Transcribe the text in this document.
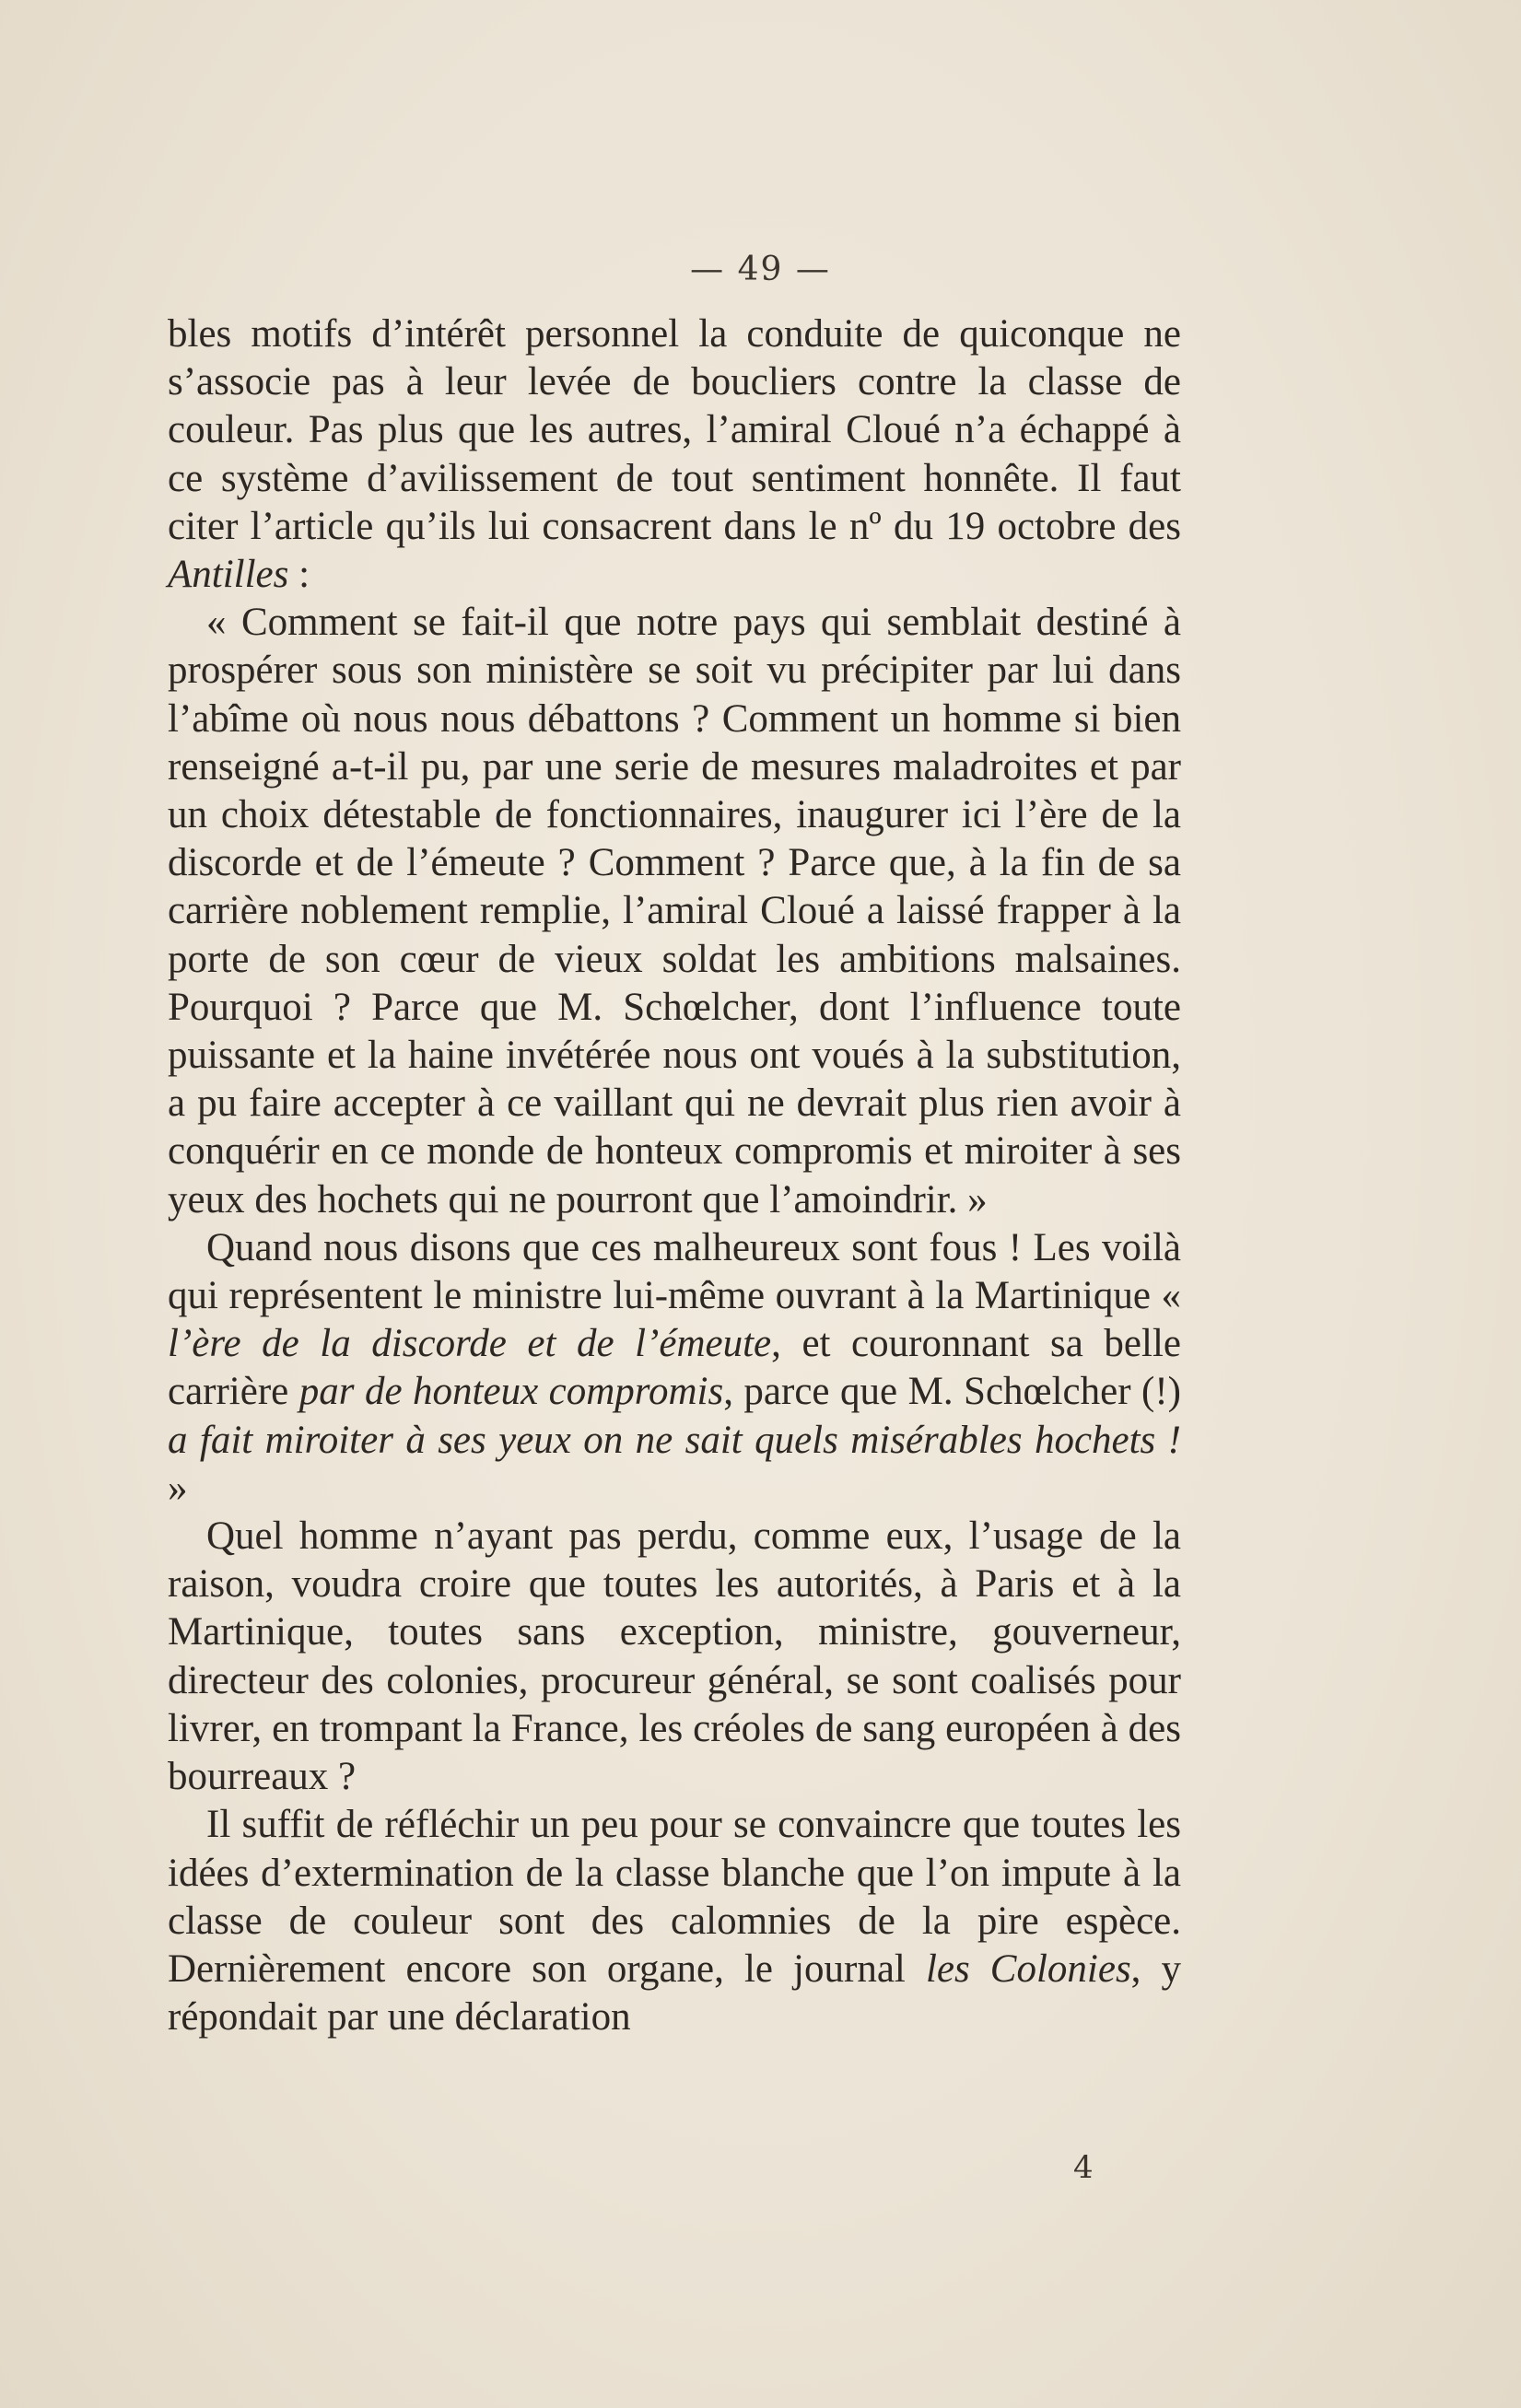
— 49 —

bles motifs d’intérêt personnel la conduite de quiconque ne s’associe pas à leur levée de boucliers contre la classe de couleur. Pas plus que les autres, l’amiral Cloué n’a échappé à ce système d’avilissement de tout sentiment honnête. Il faut citer l’article qu’ils lui consacrent dans le nº du 19 octobre des Antilles :

« Comment se fait-il que notre pays qui semblait destiné à prospérer sous son ministère se soit vu précipiter par lui dans l’abîme où nous nous débattons ? Comment un homme si bien renseigné a-t-il pu, par une serie de mesures maladroites et par un choix détestable de fonctionnaires, inaugurer ici l’ère de la discorde et de l’émeute ? Comment ? Parce que, à la fin de sa carrière noblement remplie, l’amiral Cloué a laissé frapper à la porte de son cœur de vieux soldat les ambitions malsaines. Pourquoi ? Parce que M. Schœlcher, dont l’influence toute puissante et la haine invétérée nous ont voués à la substitution, a pu faire accepter à ce vaillant qui ne devrait plus rien avoir à conquérir en ce monde de honteux compromis et miroiter à ses yeux des hochets qui ne pourront que l’amoindrir. »

Quand nous disons que ces malheureux sont fous ! Les voilà qui représentent le ministre lui-même ouvrant à la Martinique « l’ère de la discorde et de l’émeute, et couronnant sa belle carrière par de honteux compromis, parce que M. Schœlcher (!) a fait miroiter à ses yeux on ne sait quels misérables hochets ! »

Quel homme n’ayant pas perdu, comme eux, l’usage de la raison, voudra croire que toutes les autorités, à Paris et à la Martinique, toutes sans exception, ministre, gouverneur, directeur des colonies, procureur général, se sont coalisés pour livrer, en trompant la France, les créoles de sang européen à des bourreaux ?

Il suffit de réfléchir un peu pour se convaincre que toutes les idées d’extermination de la classe blanche que l’on impute à la classe de couleur sont des calomnies de la pire espèce. Dernièrement encore son organe, le journal les Colonies, y répondait par une déclaration

4
